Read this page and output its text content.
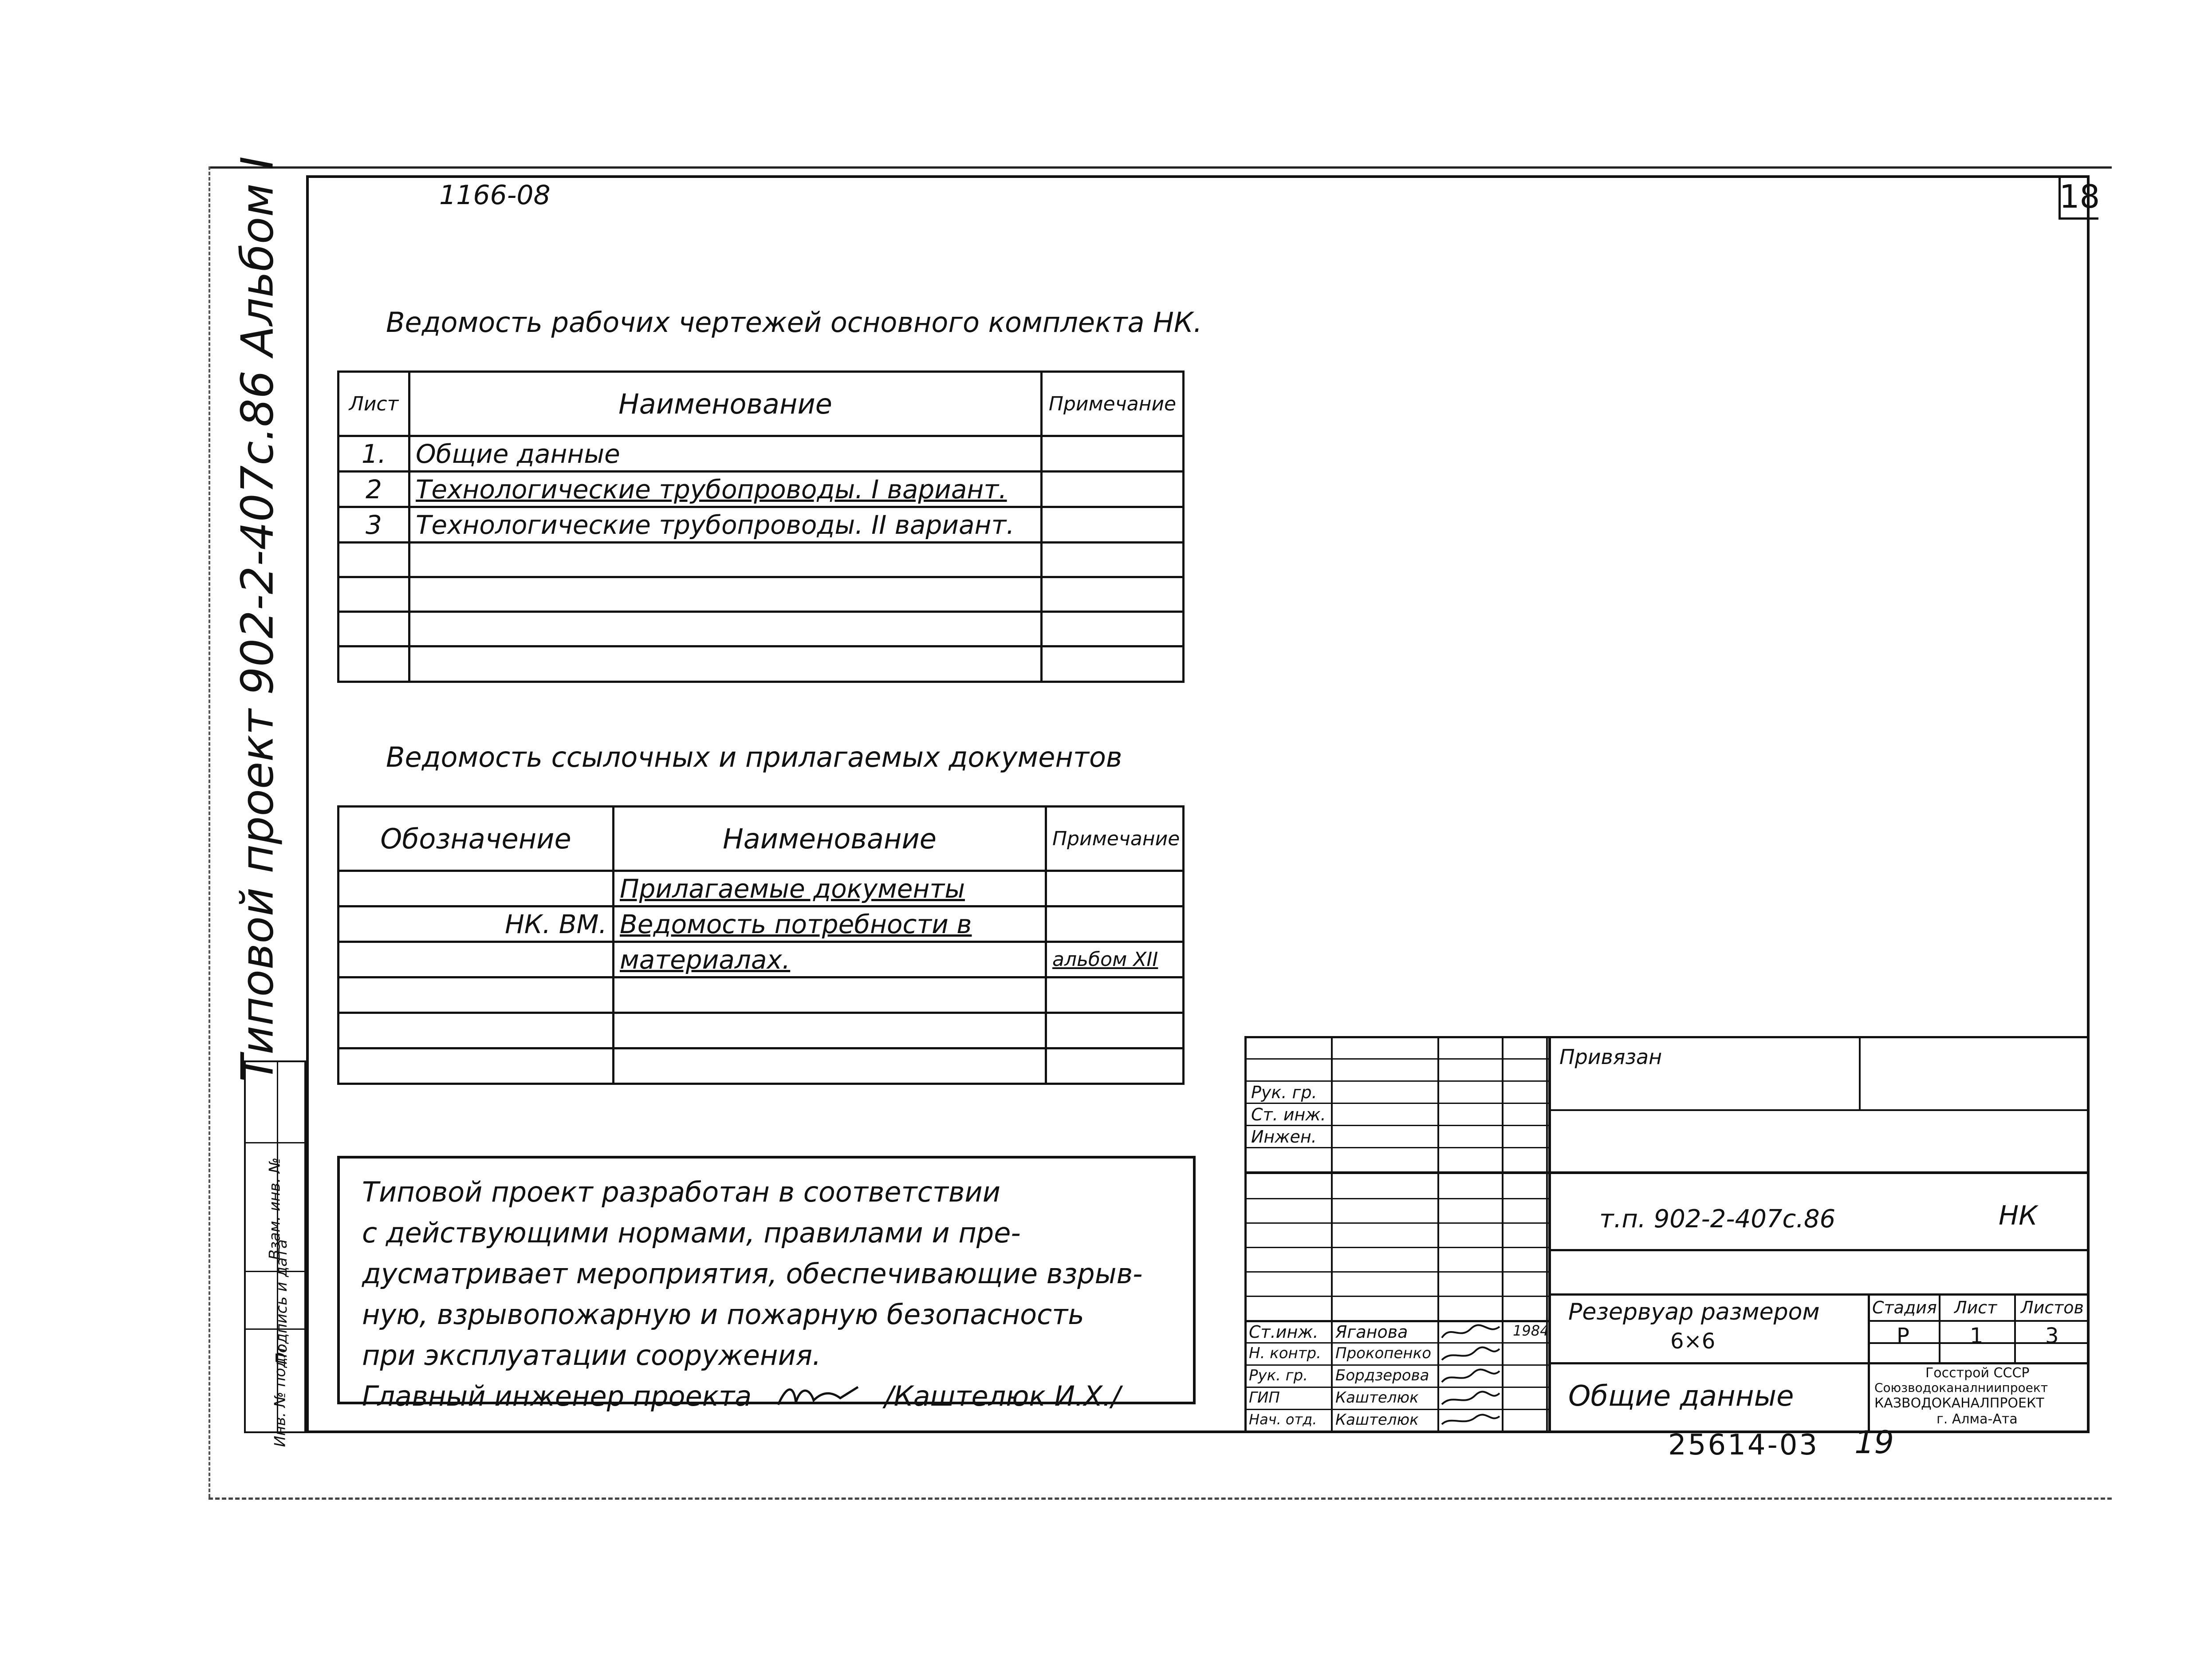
18
1166-08
Типовой проект 902-2-407с.86 Альбом I
Инв. № подл.
Подпись и дата
Взам. инв. №
Ведомость рабочих чертежей основного комплекта НК.
Лист	Наименование	Примечание
1.	Общие данные	
2	Технологические трубопроводы. I вариант.	
3	Технологические трубопроводы. II вариант.	

Ведомость ссылочных и прилагаемых документов
Обозначение	Наименование	Примечание
	Прилагаемые документы	
НК. ВМ.	Ведомость потребности в	
	материалах.	альбом XII

Типовой проект разработан в соответствии

с действующими нормами, правилами и пре-

дусматривает мероприятия, обеспечивающие взрыв-

ную, взрывопожарную и пожарную безопасность

при эксплуатации сооружения.

Главный инженер проекта	/Каштелюк И.Х./

Рук. гр.
Ст. инж.
Инжен.
Привязан
т.п. 902-2-407с.86	НК
Резервуар размером
6×6
Общие данные
Стадия Лист Листов
Р	1	3
Госстрой СССР
Союзводоканалниипроект
КАЗВОДОКАНАЛПРОЕКТ
г. Алма-Ата
Ст.инж. Яганова	1984
Н. контр. Прокопенко
Рук. гр. Бордзерова
ГИП	Каштелюк
Нач. отд. Каштелюк
25614-03 19
